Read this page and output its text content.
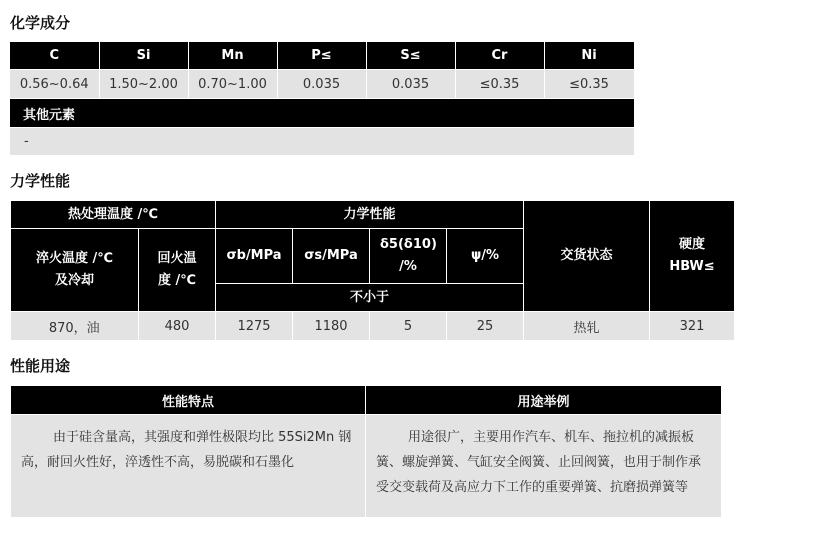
化学成分
C	Si	Mn	P≤	S≤	Cr	Ni
0.56~0.64	1.50~2.00	0.70~1.00	0.035	0.035	≤0.35	≤0.35
其他元素						
-						
力学性能
热处理温度 /℃		力学性能				交货状态	硬度 HBW≤
淬火温度 /℃ 及冷却	回火温度 /℃	σb/MPa	σs/MPa	δ5(δ10) /%	ψ/%		
		不小于					
870，油	480	1275	1180	5	25	热轧	321
性能用途
性能特点	用途举例
由于硅含量高，其强度和弹性极限均比 55Si2Mn 钢高，耐回火性好，淬透性不高，易脱碳和石墨化	用途很广，主要用作汽车、机车、拖拉机的减振板簧、螺旋弹簧、气缸安全阀簧、止回阀簧，也用于制作承受交变载荷及高应力下工作的重要弹簧、抗磨损弹簧等
